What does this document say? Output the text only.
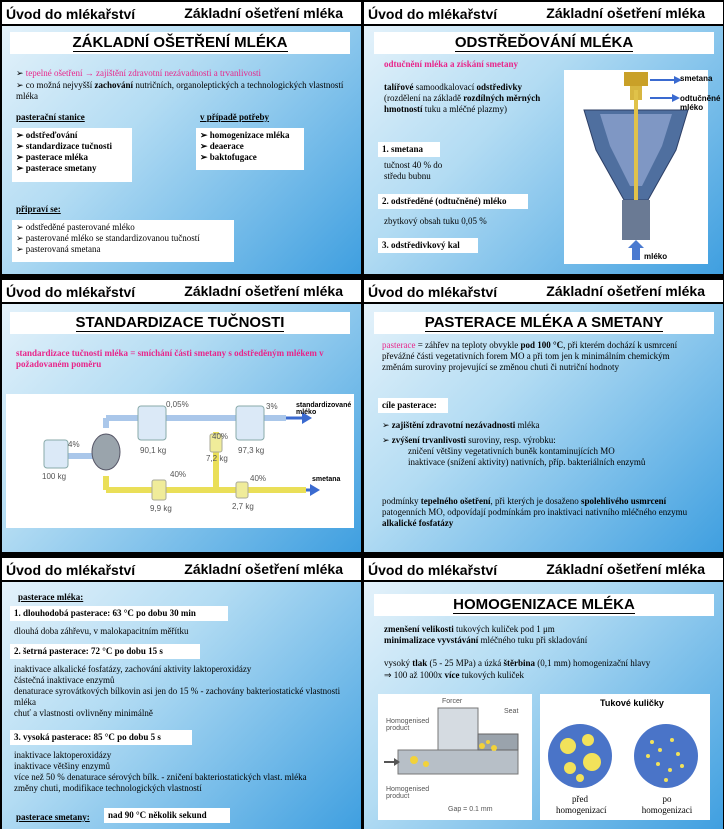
Úvod do mlékařství	Základní ošetření mléka
ZÁKLADNÍ OŠETŘENÍ MLÉKA
➢ tepelné ošetření → zajištění zdravotní nezávadnosti a trvanlivosti
➢ co možná nejvyšší zachování nutričních, organoleptických a technologických vlastností mléka
pasterační stanice	v případě potřeby
➢ odstřeďování
➢ standardizace tučnosti
➢ pasterace mléka
➢ pasterace smetany
➢ homogenizace mléka
➢ deaerace
➢ baktofugace
připraví se:
➢ odstředěné pasterované mléko
➢ pasterované mléko se standardizovanou tučností
➢ pasterovaná smetana
Úvod do mlékařství	Základní ošetření mléka
ODSTŘEĎOVÁNÍ MLÉKA
odtučnění mléka a získání smetany
talířové samoodkalovací odstředivky (rozdělení na základě rozdílných měrných hmotností tuku a mléčné plazmy)
1. smetana
tučnost 40 % do středu bubnu
2. odstředěné (odtučněné) mléko
zbytkový obsah tuku 0,05 %
3. odstředivkový kal
smetana
odtučněné mléko
mléko
Úvod do mlékařství	Základní ošetření mléka
STANDARDIZACE TUČNOSTI
standardizace tučnosti mléka = smíchání části smetany s odstředěným mlékem v požadovaném poměru
4%
100 kg
0,05%
90,1 kg
3%
97,3 kg
standardizované mléko
40%
7,2 kg
40%
9,9 kg
40%
2,7 kg
smetana
Úvod do mlékařství	Základní ošetření mléka
PASTERACE MLÉKA A SMETANY
pasterace = záhřev na teploty obvykle pod 100 °C, při kterém dochází k usmrcení převážné části vegetativních forem MO a při tom jen k minimálním chemickým změnám suroviny projevující se změnou chuti či nutriční hodnoty
cíle pasterace:
➢ zajištění zdravotní nezávadnosti mléka
➢ zvýšení trvanlivosti suroviny, resp. výrobku:
zničení většiny vegetativních buněk kontaminujících MO
inaktivace (snížení aktivity) nativních, příp. bakteriálních enzymů
podmínky tepelného ošetření, při kterých je dosaženo spolehlivého usmrcení patogenních MO, odpovídají podmínkám pro inaktivaci nativního mléčného enzymu alkalické fosfatázy
Úvod do mlékařství	Základní ošetření mléka
pasterace mléka:
1. dlouhodobá pasterace: 63 °C po dobu 30 min
dlouhá doba záhřevu, v malokapacitním měřítku
2. šetrná pasterace: 72 °C po dobu 15 s
inaktivace alkalické fosfatázy, zachování aktivity laktoperoxidázy
částečná inaktivace enzymů
denaturace syrovátkových bílkovin asi jen do 15 % - zachovány bakteriostatické vlastnosti mléka
chuť a vlastnosti ovlivněny minimálně
3. vysoká pasterace: 85 °C po dobu 5 s
inaktivace laktoperoxidázy
inaktivace většiny enzymů
více než 50 % denaturace sérových bílk. - zničení bakteriostatických vlast. mléka
změny chuti, modifikace technologických vlastností
pasterace smetany:	nad 90 °C několik sekund
Úvod do mlékařství	Základní ošetření mléka
HOMOGENIZACE MLÉKA
zmenšení velikosti tukových kuliček pod 1 μm
minimalizace vyvstávání mléčného tuku při skladování
vysoký tlak (5 - 25 MPa) a úzká štěrbina (0,1 mm) homogenizační hlavy
⇒ 100 až 1000x více tukových kuliček
Forcer
Seat
Homogenised product
Homogenised product
Gap = 0.1 mm
Tukové kuličky
před homogenizací
po homogenizaci
